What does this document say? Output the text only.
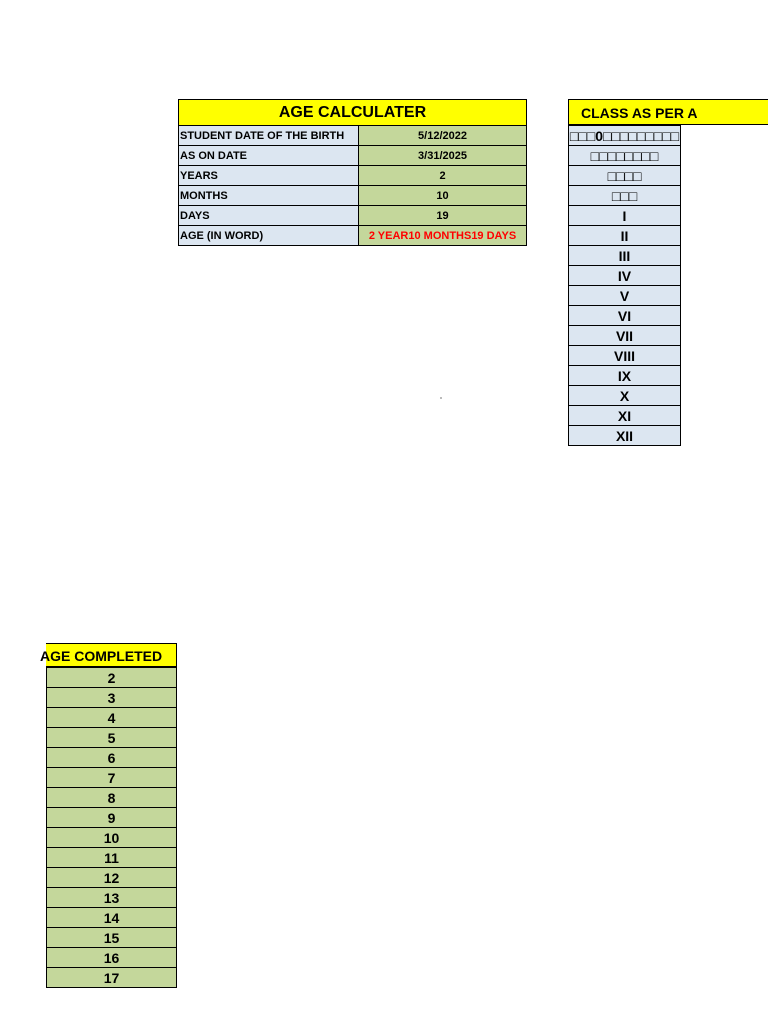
AGE CALCULATER	
STUDENT DATE OF THE BIRTH	5/12/2022
AS ON DATE	3/31/2025
YEARS	2
MONTHS	10
DAYS	19
AGE (IN WORD)	2 YEAR10 MONTHS19 DAYS
CLASS AS PER A
□□□0□□□□□□□□□
□□□□□□□□
□□□□
□□□
I
II
III
IV
V
VI
VII
VIII
IX
X
XI
XII
AGE COMPLETED
2
3
4
5
6
7
8
9
10
11
12
13
14
15
16
17
